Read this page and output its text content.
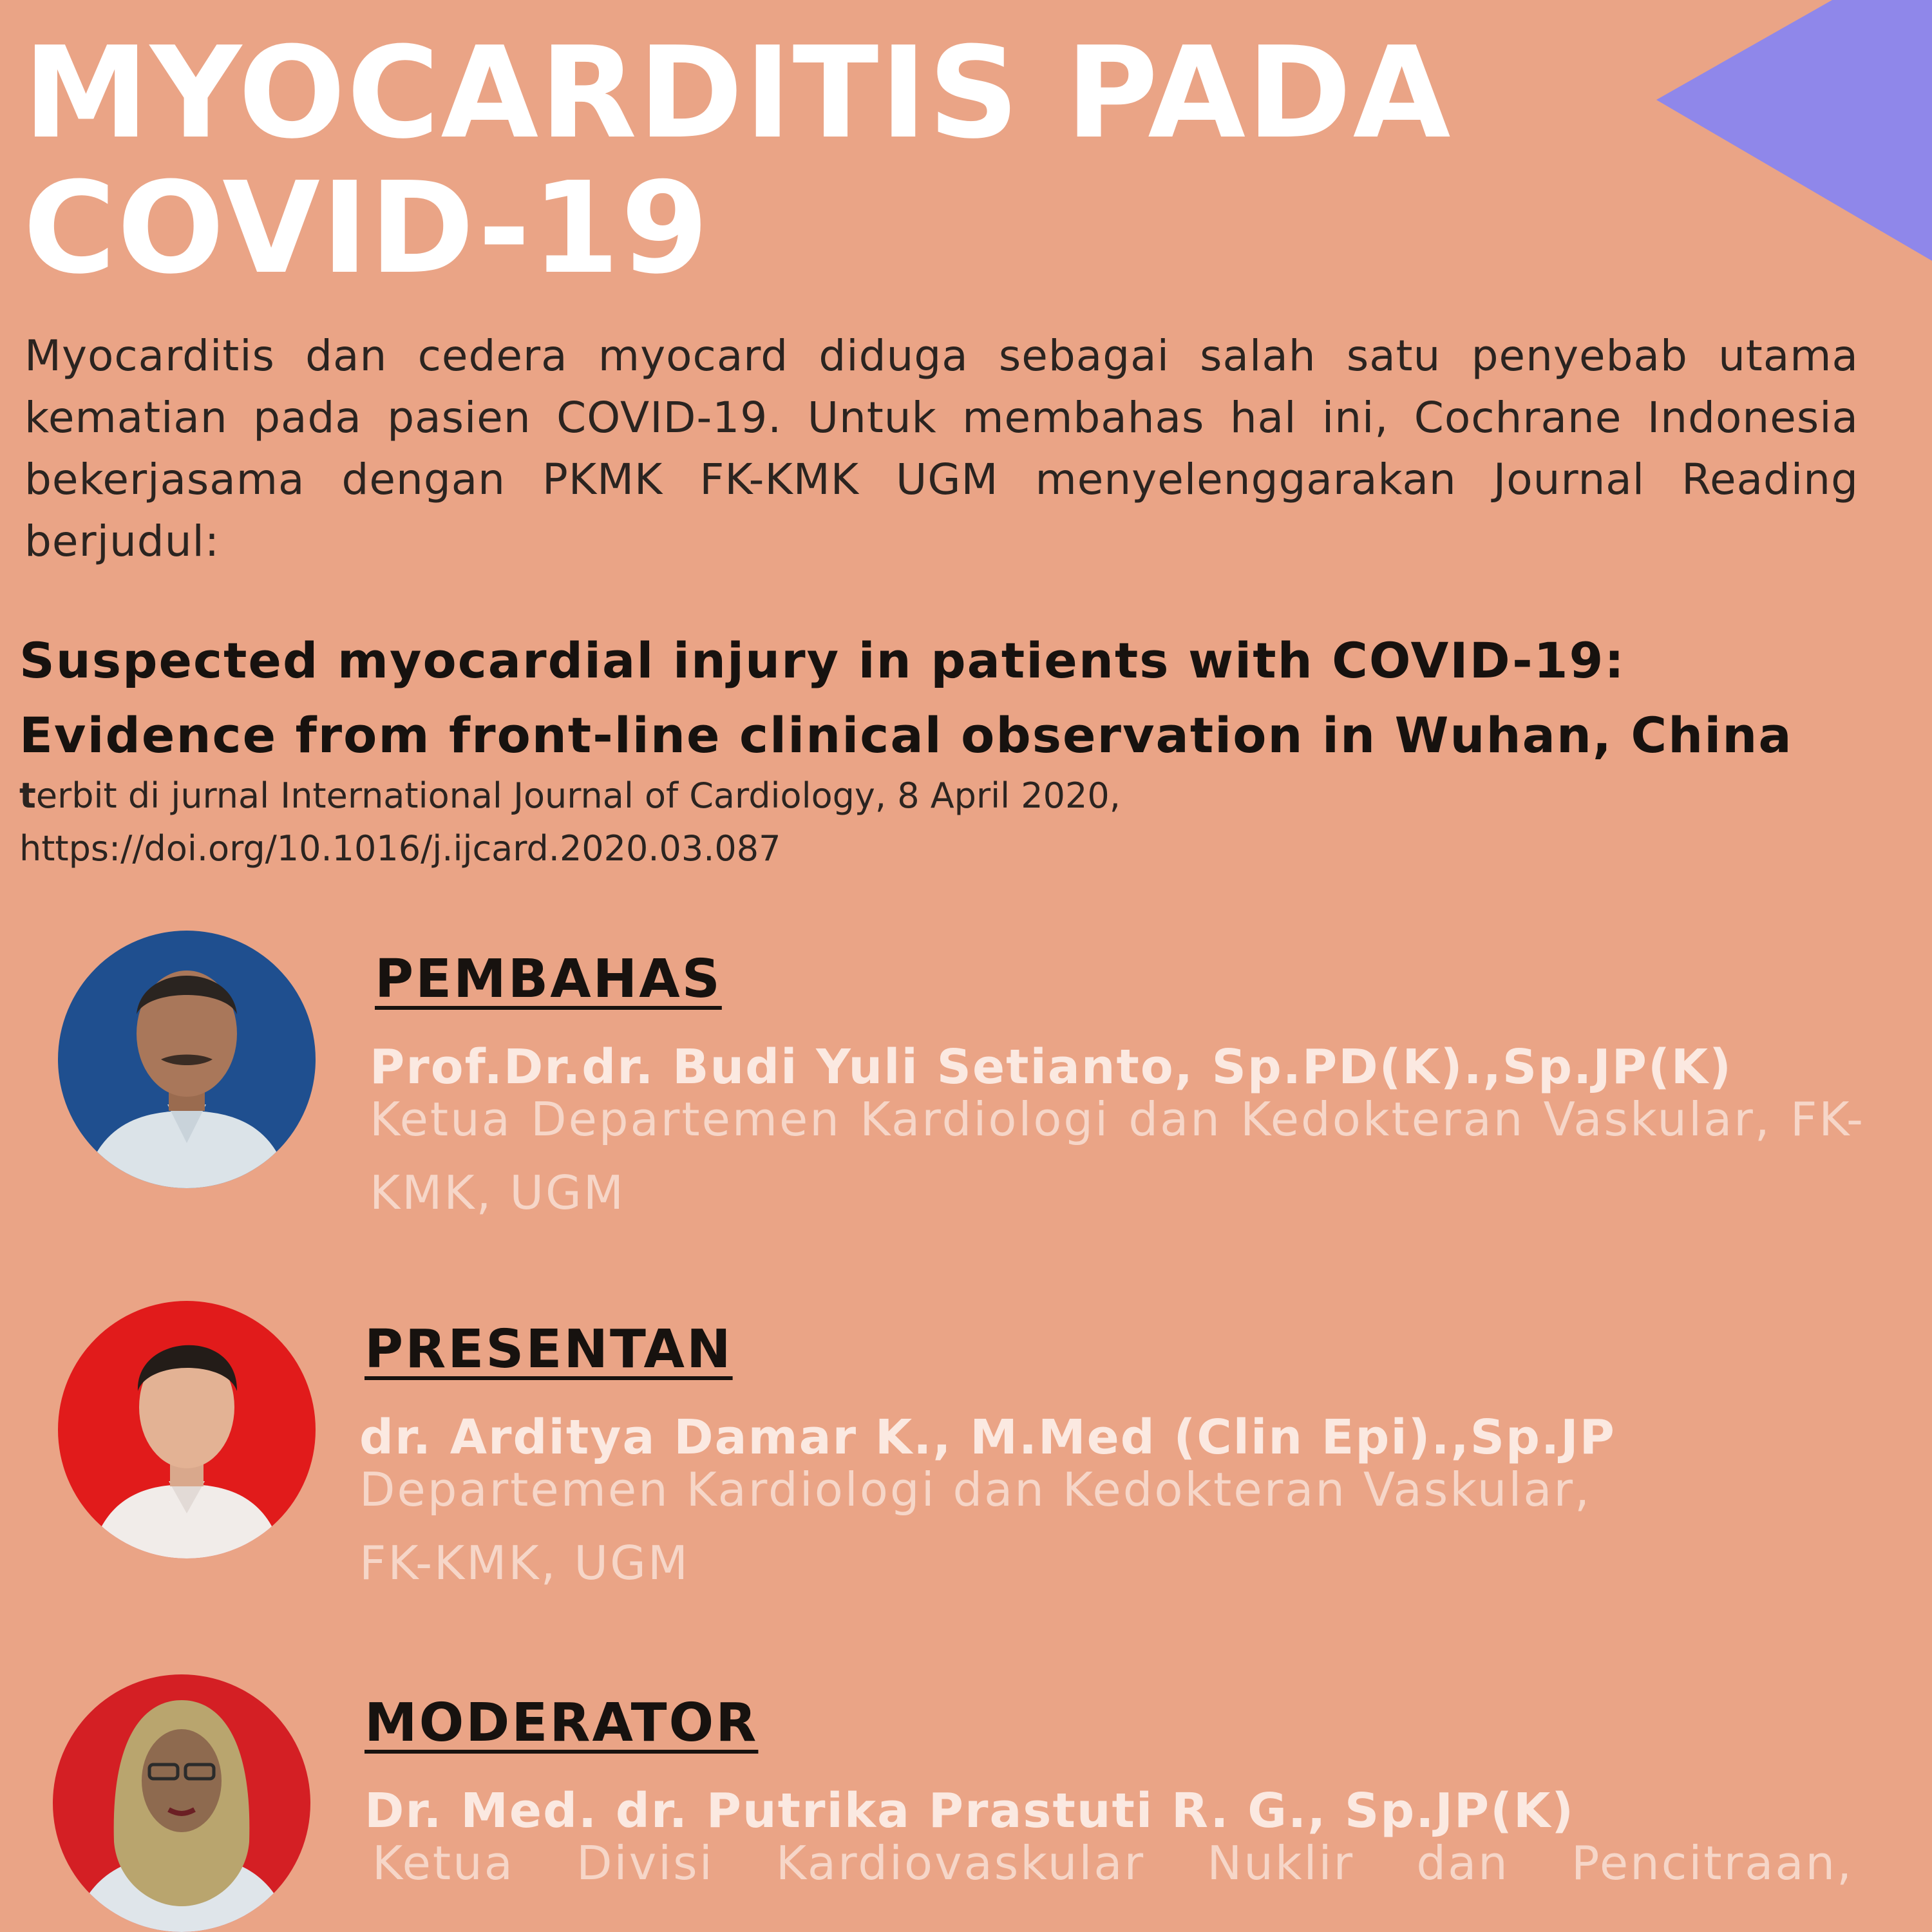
MYOCARDITIS PADA
COVID-19

Myocarditis dan cedera myocard diduga sebagai salah satu penyebab utama kematian pada pasien COVID-19. Untuk membahas hal ini, Cochrane Indonesia bekerjasama dengan PKMK FK-KMK UGM menyelenggarakan Journal Reading berjudul:

Suspected myocardial injury in patients with COVID-19:
Evidence from front-line clinical observation in Wuhan, China

terbit di jurnal International Journal of Cardiology, 8 April 2020,
https://doi.org/10.1016/j.ijcard.2020.03.087

PEMBAHAS

Prof.Dr.dr. Budi Yuli Setianto, Sp.PD(K).,Sp.JP(K)

Ketua Departemen Kardiologi dan Kedokteran Vaskular, FK-KMK, UGM

PRESENTAN

dr. Arditya Damar K., M.Med (Clin Epi).,Sp.JP

Departemen Kardiologi dan Kedokteran Vaskular,
FK-KMK, UGM

MODERATOR

Dr. Med. dr. Putrika Prastuti R. G., Sp.JP(K)

Ketua Divisi Kardiovaskular Nuklir dan Pencitraan,
